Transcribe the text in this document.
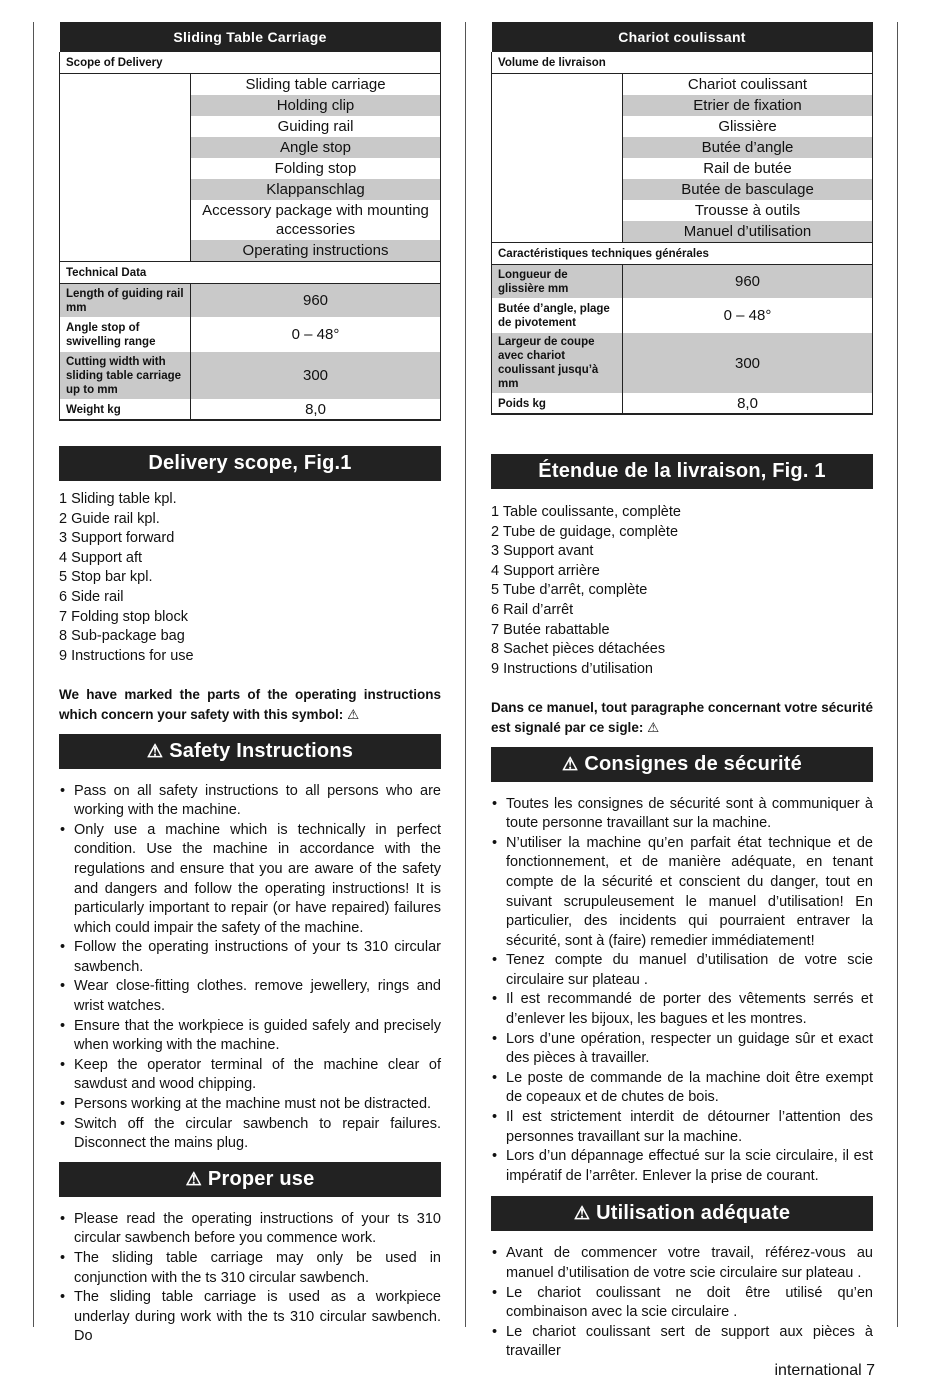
Sliding Table Carriage	
Scope of Delivery	
	Sliding table carriage
	Holding clip
	Guiding rail
	Angle stop
	Folding stop
	Klappanschlag
	Accessory package with mounting accessories
	Operating instructions
Technical Data	
Length of guiding rail mm	960
Angle stop of swivelling range	0 – 48°
Cutting width with sliding table carriage up to mm	300
Weight kg	8,0
Delivery scope, Fig.1
1 Sliding table kpl.
2 Guide rail kpl.
3 Support forward
4 Support aft
5 Stop bar kpl.
6 Side rail
7 Folding stop block
8 Sub-package bag
9 Instructions for use

We have marked the parts of the operating instructions which concern your safety with this symbol: ⚠

⚠ Safety Instructions
• Pass on all safety instructions to all persons who are working with the machine.
• Only use a machine which is technically in perfect condition. Use the machine in accordance with the regulations and ensure that you are aware of the safety and dangers and follow the operating instructions! It is particularly important to repair (or have repaired) failures which could impair the safety of the machine.
• Follow the operating instructions of your ts 310 circular sawbench.
• Wear close-fitting clothes. remove jewellery, rings and wrist watches.
• Ensure that the workpiece is guided safely and precisely when working with the machine.
• Keep the operator terminal of the machine clear of sawdust and wood chipping.
• Persons working at the machine must not be distracted.
• Switch off the circular sawbench to repair failures. Disconnect the mains plug.
⚠ Proper use
• Please read the operating instructions of your ts 310 circular sawbench before you commence work.
• The sliding table carriage may only be used in conjunction with the ts 310 circular sawbench.
• The sliding table carriage is used as a workpiece underlay during work with the ts 310 circular sawbench. Do
Chariot coulissant	
Volume de livraison	
	Chariot coulissant
	Etrier de fixation
	Glissière
	Butée d’angle
	Rail de butée
	Butée de basculage
	Trousse à outils
	Manuel d’utilisation
Caractéristiques techniques générales	
Longueur de glissière mm	960
Butée d’angle, plage de pivotement	0 – 48°
Largeur de coupe avec chariot coulissant jusqu’à mm	300
Poids kg	8,0
Étendue de la livraison, Fig. 1
1 Table coulissante, complète
2 Tube de guidage, complète
3 Support avant
4 Support arrière
5 Tube d’arrêt, complète
6 Rail d’arrêt
7 Butée rabattable
8 Sachet pièces détachées
9 Instructions d’utilisation

Dans ce manuel, tout paragraphe concernant votre sécurité est signalé par ce sigle: ⚠

⚠ Consignes de sécurité
• Toutes les consignes de sécurité sont à communiquer à toute personne travaillant sur la machine.
• N’utiliser la machine qu’en parfait état technique et de fonctionnement, et de manière adéquate, en tenant compte de la sécurité et conscient du danger, tout en suivant scrupuleusement le manuel d’utilisation! En particulier, des incidents qui pourraient entraver la sécurité, sont à (faire) remedier immédiatement!
• Tenez compte du manuel d’utilisation de votre scie circulaire sur plateau .
• Il est recommandé de porter des vêtements serrés et d’enlever les bijoux, les bagues et les montres.
• Lors d’une opération, respecter un guidage sûr et exact des pièces à travailler.
• Le poste de commande de la machine doit être exempt de copeaux et de chutes de bois.
• Il est strictement interdit de détourner l’attention des personnes travaillant sur la machine.
• Lors d’un dépannage effectué sur la scie circulaire, il est impératif de l’arrêter. Enlever la prise de courant.
⚠ Utilisation adéquate
• Avant de commencer votre travail, référez-vous au manuel d’utilisation de votre scie circulaire sur plateau .
• Le chariot coulissant ne doit être utilisé qu’en combinaison avec la scie circulaire .
• Le chariot coulissant sert de support aux pièces à travailler
international 7
